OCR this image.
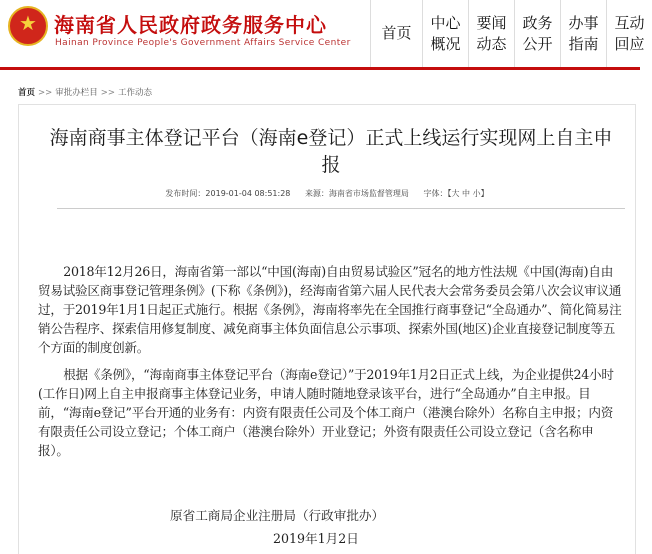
★ 海南省人民政府政务服务中心
Hainan Province People's Government Affairs Service Center
首页
中心
概况
要闻
动态
政务
公开
办事
指南
互动
回应
首页 >> 审批办栏目 >> 工作动态
海南商事主体登记平台（海南e登记）正式上线运行实现网上自主申报
发布时间：2019-01-04 08:51:28 来源：海南省市场监督管理局 字体：【大 中 小】

2018年12月26日，海南省第一部以“中国(海南)自由贸易试验区”冠名的地方性法规《中国(海南)自由贸易试验区商事登记管理条例》(下称《条例》)，经海南省第六届人民代表大会常务委员会第八次会议审议通过，于2019年1月1日起正式施行。根据《条例》，海南将率先在全国推行商事登记“全岛通办”、简化简易注销公告程序、探索信用修复制度、减免商事主体负面信息公示事项、探索外国(地区)企业直接登记制度等五个方面的制度创新。

根据《条例》，“海南商事主体登记平台（海南e登记）”于2019年1月2日正式上线，为企业提供24小时(工作日)网上自主申报商事主体登记业务，申请人随时随地登录该平台，进行“全岛通办”自主申报。目前，“海南e登记”平台开通的业务有：内资有限责任公司及个体工商户（港澳台除外）名称自主申报；内资有限责任公司设立登记；个体工商户（港澳台除外）开业登记；外资有限责任公司设立登记（含名称申报）。

原省工商局企业注册局（行政审批办）
2019年1月2日
